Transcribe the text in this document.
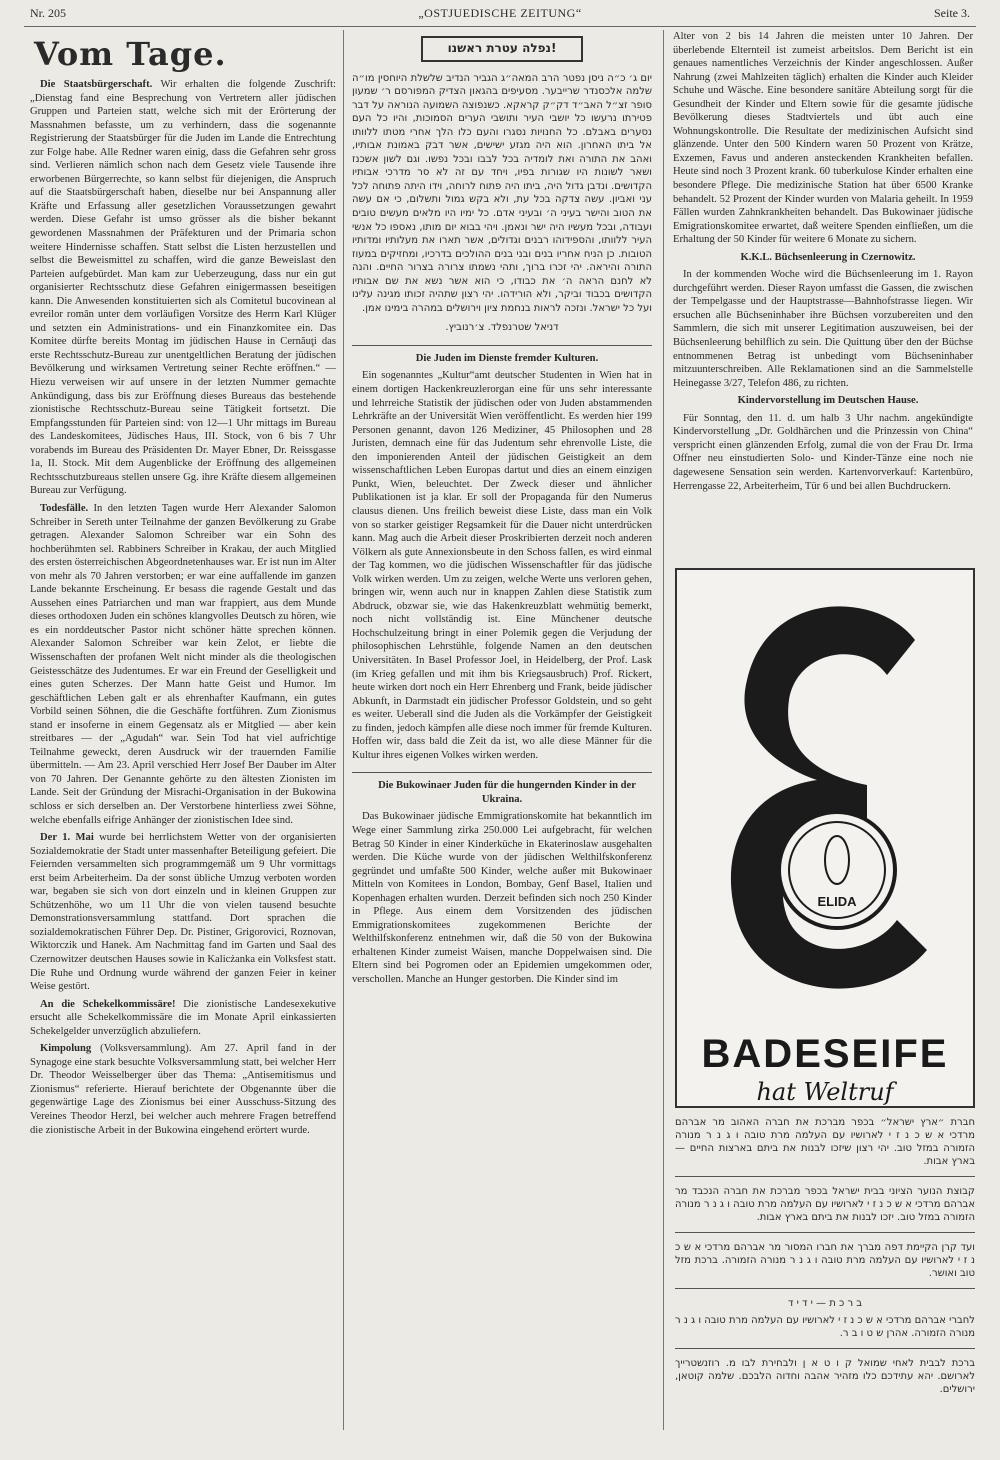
Nr. 205	„OSTJUEDISCHE ZEITUNG“	Seite 3.
Vom Tage.

Die Staatsbürgerschaft. Wir erhalten die folgende Zuschrift: „Dienstag fand eine Besprechung von Vertretern aller jüdischen Gruppen und Parteien statt, welche sich mit der Erörterung der Massnahmen befasste, um zu verhindern, dass die sogenannte Registrierung der Staatsbürger für die Juden im Lande die Entrechtung zur Folge habe. Alle Redner waren einig, dass die Gefahren sehr gross sind. Verlieren nämlich schon nach dem Gesetz viele Tausende ihre erworbenen Bürgerrechte, so kann selbst für diejenigen, die Anspruch auf die Staatsbürgerschaft haben, dieselbe nur bei Anspannung aller Kräfte und Erfassung aller gesetzlichen Voraussetzungen gewahrt werden. Diese Gefahr ist umso grösser als die bisher bekannt gewordenen Massnahmen der Präfekturen und der Primaria schon weitere Hindernisse schaffen. Statt selbst die Listen herzustellen und selbst die Beweismittel zu schaffen, wird die ganze Beweislast den Parteien aufgebürdet. Man kam zur Ueberzeugung, dass nur ein gut organisierter Rechtsschutz diese Gefahren einigermassen beseitigen kann. Die Anwesenden konstituierten sich als Comitetul bucovinean al evreilor român unter dem vorläufigen Vorsitze des Herrn Karl Klüger und setzten ein Administrations- und ein Finanzkomitee ein. Das Komitee dürfte bereits Montag im jüdischen Hause in Cernăuţi das erste Rechtsschutz-Bureau zur unentgeltlichen Beratung der jüdischen Bevölkerung und wirksamen Vertretung seiner Rechte eröffnen.“ — Hiezu verweisen wir auf unsere in der letzten Nummer gemachte Ankündigung, dass bis zur Eröffnung dieses Bureaus das bestehende zionistische Rechtsschutz-Bureau seine Tätigkeit fortsetzt. Die Empfangsstunden für Parteien sind: von 12—1 Uhr mittags im Bureau des Landeskomitees, Jüdisches Haus, III. Stock, von 6 bis 7 Uhr vorabends im Bureau des Präsidenten Dr. Mayer Ebner, Dr. Reissgasse 1a, II. Stock. Mit dem Augenblicke der Eröffnung des allgemeinen Rechtsschutzbureaus stellen unsere Gg. ihre Kräfte diesem allgemeinen Bureau zur Verfügung.

Todesfälle. In den letzten Tagen wurde Herr Alexander Salomon Schreiber in Sereth unter Teilnahme der ganzen Bevölkerung zu Grabe getragen. Alexander Salomon Schreiber war ein Sohn des hochberühmten sel. Rabbiners Schreiber in Krakau, der auch Mitglied des ersten österreichischen Abgeordnetenhauses war. Er ist nun im Alter von mehr als 70 Jahren verstorben; er war eine auffallende im ganzen Lande bekannte Erscheinung. Er besass die ragende Gestalt und das Aussehen eines Patriarchen und man war frappiert, aus dem Munde dieses orthodoxen Juden ein schönes klangvolles Deutsch zu hören, wie es ein norddeutscher Pastor nicht schöner hätte sprechen können. Alexander Salomon Schreiber war kein Zelot, er liebte die Wissenschaften der profanen Welt nicht minder als die theologischen Geistesschätze des Judentumes. Er war ein Freund der Geselligkeit und eines guten Scherzes. Der Mann hatte Geist und Humor. Im geschäftlichen Leben galt er als ehrenhafter Kaufmann, ein gutes Vorbild seinen Söhnen, die die Geschäfte fortführen. Zum Zionismus stand er insoferne in einem Gegensatz als er Mitglied — aber kein streitbares — der „Agudah“ war. Sein Tod hat viel aufrichtige Teilnahme geweckt, deren Ausdruck wir der trauernden Familie übermitteln. — Am 23. April verschied Herr Josef Ber Dauber im Alter von 70 Jahren. Der Genannte gehörte zu den ältesten Zionisten im Lande. Seit der Gründung der Misrachi-Organisation in der Bukowina schloss er sich derselben an. Der Verstorbene hinterliess zwei Söhne, welche ebenfalls eifrige Anhänger der zionistischen Idee sind.

Der 1. Mai wurde bei herrlichstem Wetter von der organisierten Sozialdemokratie der Stadt unter massenhafter Beteiligung gefeiert. Die Feiernden versammelten sich programmgemäß um 9 Uhr vormittags erst beim Arbeiterheim. Da der sonst übliche Umzug verboten worden war, begaben sie sich von dort einzeln und in kleinen Gruppen zur Schützenhöhe, wo um 11 Uhr die von vielen tausend besuchte Demonstrationsversammlung stattfand. Dort sprachen die sozialdemokratischen Führer Dep. Dr. Pistiner, Grigorovici, Roznovan, Wiktorczik und Hanek. Am Nachmittag fand im Garten und Saal des Czernowitzer deutschen Hauses sowie in Kalicżanka ein Volksfest statt. Die Ruhe und Ordnung wurde während der ganzen Feier in keiner Weise gestört.

An die Schekelkommissäre! Die zionistische Landesexekutive ersucht alle Schekelkommissäre die im Monate April einkassierten Schekelgelder unverzüglich abzuliefern.

Kimpolung (Volksversammlung). Am 27. April fand in der Synagoge eine stark besuchte Volksversammlung statt, bei welcher Herr Dr. Theodor Weisselberger über das Thema: „Antisemitismus und Zionismus“ referierte. Hierauf berichtete der Obgenannte über die gegenwärtige Lage des Zionismus bei einer Ausschuss-Sitzung des Vereines Theodor Herzl, bei welcher auch mehrere Fragen betreffend die zionistische Arbeit in der Bukowina eingehend erörtert wurde.

נפלה עטרת ראשנו!

יום ג׳ כ״ה ניסן נפטר הרב המאה״ג הגביר הנדיב שלשלת היוחסין מו״ה שלמה אלכסנדר שרייבער. מסעיפים בהגאון הצדיק המפורסם ר׳ שמעון סופר זצ״ל האב״ד דק״ק קראקא. כשנפוצה השמועה הנוראה על דבר פטירתו נרעשו כל יושבי העיר ותושבי הערים הסמוכות, והיו כל העם נסערים באבלם. כל החנויות נסגרו והעם כלו הלך אחרי מטתו ללוותו אל ביתו האחרון. הוא היה מגזע ישישים, אשר דבק באמונת אבותיו, ואהב את התורה ואת לומדיה בכל לבבו ובכל נפשו. וגם לשון אשכנז ושאר לשונות היו שגורות בפיו, ויחד עם זה לא סר מדרכי אבותיו הקדושים. ונדבן גדול היה, ביתו היה פתוח לרוחה, וידו היתה פתוחה לכל עני ואביון. עשה צדקה בכל עת, ולא בקש גמול ותשלום, כי אם עשה את הטוב והישר בעיני ה׳ ובעיני אדם. כל ימיו היו מלאים מעשים טובים ועבודה, ובכל מעשיו היה ישר ונאמן. ויהי בבוא יום מותו, נאספו כל אנשי העיר ללוותו, והספידוהו רבנים וגדולים, אשר תארו את מעלותיו ומדותיו הטובות. כן הניח אחריו בנים ובני בנים ההולכים בדרכיו, ומחזיקים במעוז התורה והיראה. יהי זכרו ברוך, ותהי נשמתו צרורה בצרור החיים. והנה לא לחנם הראה ה׳ את כבודו, כי הוא אשר נשא את שם אבותיו הקדושים בכבוד וביקר, ולא הורידהו. יהי רצון שתהיה זכותו מגינה עלינו ועל כל ישראל. ונזכה לראות בנחמת ציון וירושלים במהרה בימינו אמן.

דניאל שטרנפלד. צ׳רנוביץ.

Die Juden im Dienste fremder Kulturen.

Ein sogenanntes „Kultur“amt deutscher Studenten in Wien hat in einem dortigen Hackenkreuzlerorgan eine für uns sehr interessante und lehrreiche Statistik der jüdischen oder von Juden abstammenden Lehrkräfte an der Universität Wien veröffentlicht. Es werden hier 199 Personen genannt, davon 126 Mediziner, 45 Philosophen und 28 Juristen, demnach eine für das Judentum sehr ehrenvolle Liste, die den imponierenden Anteil der jüdischen Geistigkeit an dem wissenschaftlichen Leben Europas dartut und dies an einem einzigen Punkt, Wien, beleuchtet. Der Zweck dieser und ähnlicher Publikationen ist ja klar. Er soll der Propaganda für den Numerus clausus dienen. Uns freilich beweist diese Liste, dass man ein Volk von so starker geistiger Regsamkeit für die Dauer nicht unterdrücken kann. Mag auch die Arbeit dieser Proskribierten derzeit noch anderen Völkern als gute Annexionsbeute in den Schoss fallen, es wird einmal der Tag kommen, wo die jüdischen Wissenschaftler für das jüdische Volk wirken werden. Um zu zeigen, welche Werte uns verloren gehen, bringen wir, wenn auch nur in knappen Zahlen diese Statistik zum Abdruck, obzwar sie, wie das Hakenkreuzblatt wehmütig bemerkt, noch nicht vollständig ist. Eine Münchener deutsche Hochschulzeitung bringt in einer Polemik gegen die Verjudung der philosophischen Lehrstühle, folgende Namen an den deutschen Universitäten. In Basel Professor Joel, in Heidelberg, der Prof. Lask (im Krieg gefallen und mit ihm bis Kriegsausbruch) Prof. Rickert, heute wirken dort noch ein Herr Ehrenberg und Frank, beide jüdischer Abkunft, in Darmstadt ein jüdischer Professor Goldstein, und so geht es weiter. Ueberall sind die Juden als die Vorkämpfer der Geistigkeit zu finden, jedoch kämpfen alle diese noch immer für fremde Kulturen. Hoffen wir, dass bald die Zeit da ist, wo alle diese Männer für die Kultur ihres eigenen Volkes wirken werden.

Die Bukowinaer Juden für die hungernden Kinder in der Ukraina.

Das Bukowinaer jüdische Emmigrationskomite hat bekanntlich im Wege einer Sammlung zirka 250.000 Lei aufgebracht, für welchen Betrag 50 Kinder in einer Kinderküche in Ekaterinoslaw ausgehalten werden. Die Küche wurde von der jüdischen Welthilfskonferenz gegründet und umfaßte 500 Kinder, welche außer mit Bukowinaer Mitteln von Komitees in London, Bombay, Genf Basel, Italien und Kopenhagen erhalten wurden. Derzeit befinden sich noch 250 Kinder in Pflege. Aus einem dem Vorsitzenden des jüdischen Emmigrationskomitees zugekommenen Berichte der Welthilfskonferenz entnehmen wir, daß die 50 von der Bukowina erhaltenen Kinder zumeist Waisen, manche Doppelwaisen sind. Die Eltern sind bei Pogromen oder an Epidemien umgekommen oder, verschollen. Manche an Hunger gestorben. Die Kinder sind im

Alter von 2 bis 14 Jahren die meisten unter 10 Jahren. Der überlebende Elternteil ist zumeist arbeitslos. Dem Bericht ist ein genaues namentliches Verzeichnis der Kinder angeschlossen. Außer Nahrung (zwei Mahlzeiten täglich) erhalten die Kinder auch Kleider Schuhe und Wäsche. Eine besondere sanitäre Abteilung sorgt für die Gesundheit der Kinder und Eltern sowie für die gesamte jüdische Bevölkerung dieses Stadtviertels und übt auch eine Wohnungskontrolle. Die Resultate der medizinischen Aufsicht sind glänzende. Unter den 500 Kindern waren 50 Prozent von Krätze, Exzemen, Favus und anderen ansteckenden Krankheiten befallen. Heute sind noch 3 Prozent krank. 60 tuberkulose Kinder erhalten eine besondere Pflege. Die medizinische Station hat über 6500 Kranke behandelt. 52 Prozent der Kinder wurden von Malaria geheilt. In 1959 Fällen wurden Zahnkrankheiten behandelt. Das Bukowinaer jüdische Emigrationskomitee erwartet, daß weitere Spenden einfließen, um die Erhaltung der 50 Kinder für weitere 6 Monate zu sichern.

K.K.L. Büchsenleerung in Czernowitz.

In der kommenden Woche wird die Büchsenleerung im 1. Rayon durchgeführt werden. Dieser Rayon umfasst die Gassen, die zwischen der Tempelgasse und der Hauptstrasse—Bahnhofstrasse liegen. Wir ersuchen alle Büchseninhaber ihre Büchsen vorzubereiten und den Sammlern, die sich mit unserer Legitimation auszuweisen, bei der Büchsenleerung behilflich zu sein. Die Quittung über den der Büchse entnommenen Betrag ist unbedingt vom Büchseninhaber mitzuunterschreiben. Alle Reklamationen sind an die Sammelstelle Heinegasse 3/27, Telefon 486, zu richten.

Kindervorstellung im Deutschen Hause.

Für Sonntag, den 11. d. um halb 3 Uhr nachm. angekündigte Kindervorstellung „Dr. Goldhärchen und die Prinzessin von China“ verspricht einen glänzenden Erfolg, zumal die von der Frau Dr. Irma Offner neu einstudierten Solo- und Kinder-Tänze eine noch nie dagewesene Sensation sein werden. Kartenvorverkauf: Kartenbüro, Herrengasse 22, Arbeiterheim, Tür 6 und bei allen Buchdruckern.

ELIDA
BADESEIFE
hat Weltruf

חברת ״ארץ ישראל״ בכפר מברכת את חברה האהוב מר אברהם מרדכי א ש כ נ ז י לארושיו עם העלמה מרת טובה ו ג נ ר מנורה הזמורה במזל טוב. יהי רצון שיזכו לבנות את ביתם בארצות החיים — בארץ אבות.

קבוצת הנוער הציוני בבית ישראל בכפר מברכת את חברה הנכבד מר אברהם מרדכי א ש כ נ ז י לארושיו עם העלמה מרת טובה ו ג נ ר מנורה הזמורה במזל טוב. יזכו לבנות את ביתם בארץ אבות.

ועד קרן הקיימת דפה מברך את חברו המסור מר אברהם מרדכי א ש כ נ ז י לארושיו עם העלמה מרת טובה ו ג נ ר מנורה הזמורה. ברכת מזל טוב ואושר.

ב ר כ ת — י ד י ד

לחברי אברהם מרדכי א ש כ נ ז י לארושיו עם העלמה מרת טובה ו ג נ ר מנורה הזמורה. אהרן ש ט ו ב ר.

ברכת לבבית לאחי שמואל ק ו ט א ן ולבחירת לבו מ. רוזנשטרייך לארושם. יהא עתידכם כלו מזהיר אהבה וחדוה הלבכם. שלמה קוטאן, ירושלים.
